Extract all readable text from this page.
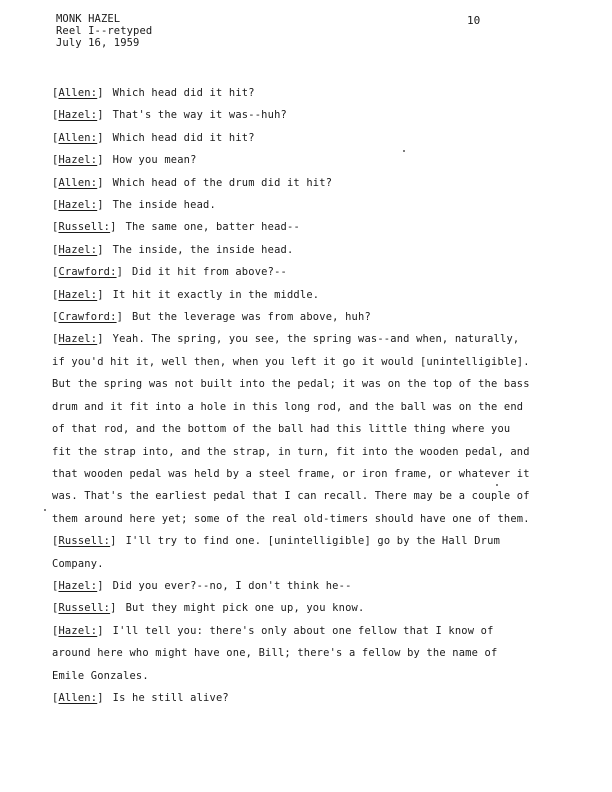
MONK HAZEL
Reel I--retyped
July 16, 1959
10

[Allen:] Which head did it hit?

[Hazel:] That's the way it was--huh?

[Allen:] Which head did it hit?

[Hazel:] How you mean?

[Allen:] Which head of the drum did it hit?

[Hazel:] The inside head.

[Russell:] The same one, batter head--

[Hazel:] The inside, the inside head.

[Crawford:] Did it hit from above?--

[Hazel:] It hit it exactly in the middle.

[Crawford:] But the leverage was from above, huh?

[Hazel:] Yeah. The spring, you see, the spring was--and when, naturally, if you'd hit it, well then, when you left it go it would [unintelligible]. But the spring was not built into the pedal; it was on the top of the bass drum and it fit into a hole in this long rod, and the ball was on the end of that rod, and the bottom of the ball had this little thing where you fit the strap into, and the strap, in turn, fit into the wooden pedal, and that wooden pedal was held by a steel frame, or iron frame, or whatever it was. That's the earliest pedal that I can recall. There may be a couple of them around here yet; some of the real old-timers should have one of them.

[Russell:] I'll try to find one. [unintelligible] go by the Hall Drum Company.

[Hazel:] Did you ever?--no, I don't think he--

[Russell:] But they might pick one up, you know.

[Hazel:] I'll tell you: there's only about one fellow that I know of around here who might have one, Bill; there's a fellow by the name of Emile Gonzales.

[Allen:] Is he still alive?
